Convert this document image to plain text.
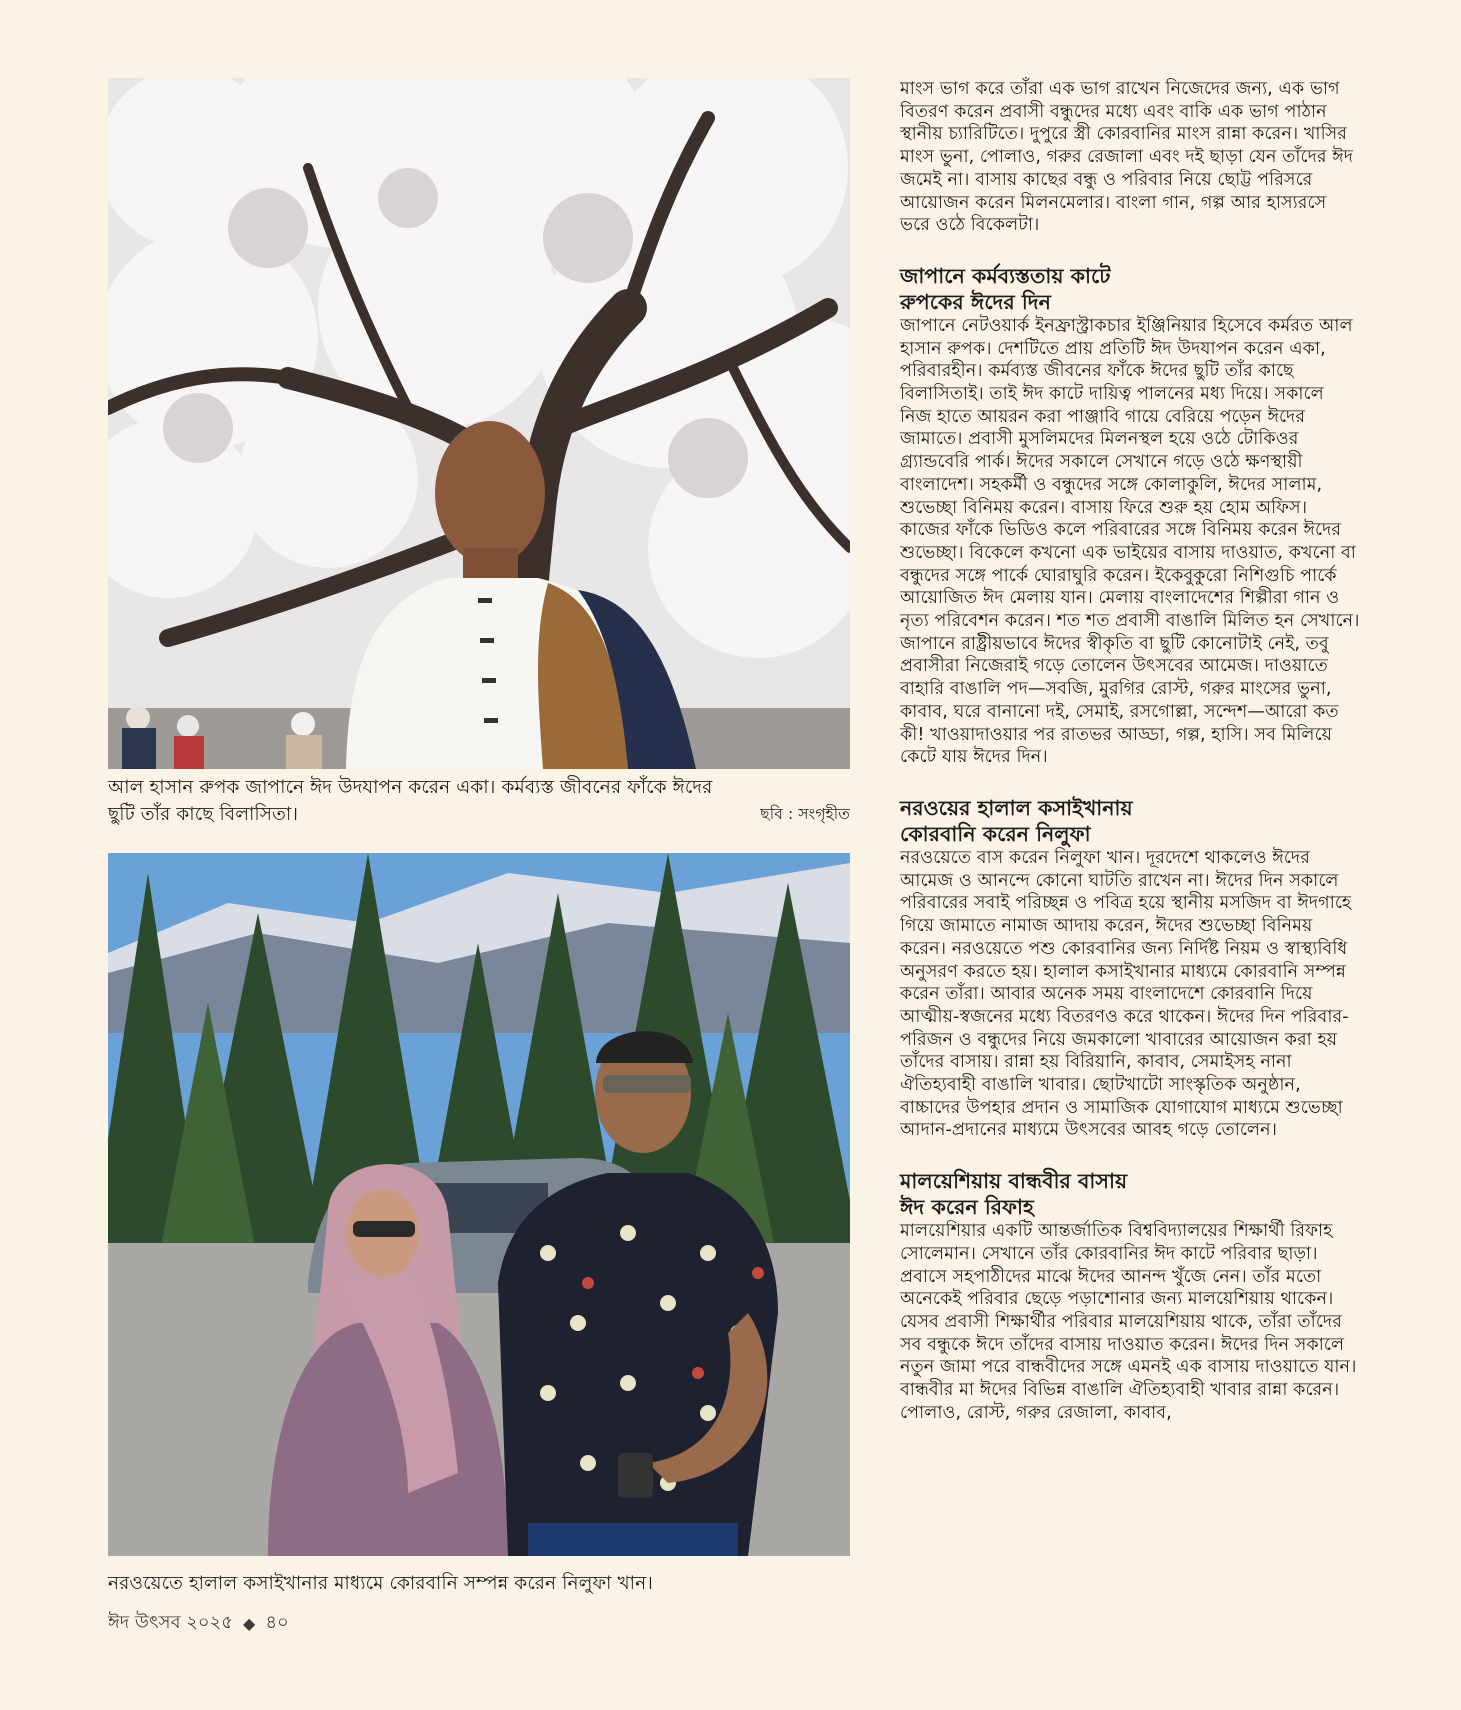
আল হাসান রুপক জাপানে ঈদ উদযাপন করেন একা। কর্মব্যস্ত জীবনের ফাঁকে ঈদের
ছুটি তাঁর কাছে বিলাসিতা।	ছবি : সংগৃহীত
নরওয়েতে হালাল কসাইখানার মাধ্যমে কোরবানি সম্পন্ন করেন নিলুফা খান।
ঈদ উৎসব ২০২৫ ◆ ৪০

মাংস ভাগ করে তাঁরা এক ভাগ রাখেন নিজেদের জন্য, এক ভাগ বিতরণ করেন প্রবাসী বন্ধুদের মধ্যে এবং বাকি এক ভাগ পাঠান স্থানীয় চ্যারিটিতে। দুপুরে স্ত্রী কোরবানির মাংস রান্না করেন। খাসির মাংস ভুনা, পোলাও, গরুর রেজালা এবং দই ছাড়া যেন তাঁদের ঈদ জমেই না। বাসায় কাছের বন্ধু ও পরিবার নিয়ে ছোট্ট পরিসরে আয়োজন করেন মিলনমেলার। বাংলা গান, গল্প আর হাস্যরসে ভরে ওঠে বিকেলটা।

জাপানে কর্মব্যস্ততায় কাটে
রুপকের ঈদের দিন

জাপানে নেটওয়ার্ক ইনফ্রাস্ট্রাকচার ইঞ্জিনিয়ার হিসেবে কর্মরত আল হাসান রুপক। দেশটিতে প্রায় প্রতিটি ঈদ উদযাপন করেন একা, পরিবারহীন। কর্মব্যস্ত জীবনের ফাঁকে ঈদের ছুটি তাঁর কাছে বিলাসিতাই। তাই ঈদ কাটে দায়িত্ব পালনের মধ্য দিয়ে। সকালে নিজ হাতে আয়রন করা পাঞ্জাবি গায়ে বেরিয়ে পড়েন ঈদের জামাতে। প্রবাসী মুসলিমদের মিলনস্থল হয়ে ওঠে টোকিওর গ্র্যান্ডবেরি পার্ক। ঈদের সকালে সেখানে গড়ে ওঠে ক্ষণস্থায়ী বাংলাদেশ। সহকর্মী ও বন্ধুদের সঙ্গে কোলাকুলি, ঈদের সালাম, শুভেচ্ছা বিনিময় করেন। বাসায় ফিরে শুরু হয় হোম অফিস। কাজের ফাঁকে ভিডিও কলে পরিবারের সঙ্গে বিনিময় করেন ঈদের শুভেচ্ছা। বিকেলে কখনো এক ভাইয়ের বাসায় দাওয়াত, কখনো বা বন্ধুদের সঙ্গে পার্কে ঘোরাঘুরি করেন। ইকেবুকুরো নিশিগুচি পার্কে আয়োজিত ঈদ মেলায় যান। মেলায় বাংলাদেশের শিল্পীরা গান ও নৃত্য পরিবেশন করেন। শত শত প্রবাসী বাঙালি মিলিত হন সেখানে। জাপানে রাষ্ট্রীয়ভাবে ঈদের স্বীকৃতি বা ছুটি কোনোটাই নেই, তবু প্রবাসীরা নিজেরাই গড়ে তোলেন উৎসবের আমেজ। দাওয়াতে বাহারি বাঙালি পদ—সবজি, মুরগির রোস্ট, গরুর মাংসের ভুনা, কাবাব, ঘরে বানানো দই, সেমাই, রসগোল্লা, সন্দেশ—আরো কত কী! খাওয়াদাওয়ার পর রাতভর আড্ডা, গল্প, হাসি। সব মিলিয়ে কেটে যায় ঈদের দিন।

নরওয়ের হালাল কসাইখানায়
কোরবানি করেন নিলুফা

নরওয়েতে বাস করেন নিলুফা খান। দূরদেশে থাকলেও ঈদের আমেজ ও আনন্দে কোনো ঘাটতি রাখেন না। ঈদের দিন সকালে পরিবারের সবাই পরিচ্ছন্ন ও পবিত্র হয়ে স্থানীয় মসজিদ বা ঈদগাহে গিয়ে জামাতে নামাজ আদায় করেন, ঈদের শুভেচ্ছা বিনিময় করেন। নরওয়েতে পশু কোরবানির জন্য নির্দিষ্ট নিয়ম ও স্বাস্থ্যবিধি অনুসরণ করতে হয়। হালাল কসাইখানার মাধ্যমে কোরবানি সম্পন্ন করেন তাঁরা। আবার অনেক সময় বাংলাদেশে কোরবানি দিয়ে আত্মীয়-স্বজনের মধ্যে বিতরণও করে থাকেন। ঈদের দিন পরিবার-পরিজন ও বন্ধুদের নিয়ে জমকালো খাবারের আয়োজন করা হয় তাঁদের বাসায়। রান্না হয় বিরিয়ানি, কাবাব, সেমাইসহ নানা ঐতিহ্যবাহী বাঙালি খাবার। ছোটখাটো সাংস্কৃতিক অনুষ্ঠান, বাচ্চাদের উপহার প্রদান ও সামাজিক যোগাযোগ মাধ্যমে শুভেচ্ছা আদান-প্রদানের মাধ্যমে উৎসবের আবহ গড়ে তোলেন।

মালয়েশিয়ায় বান্ধবীর বাসায়
ঈদ করেন রিফাহ

মালয়েশিয়ার একটি আন্তর্জাতিক বিশ্ববিদ্যালয়ের শিক্ষার্থী রিফাহ সোলেমান। সেখানে তাঁর কোরবানির ঈদ কাটে পরিবার ছাড়া। প্রবাসে সহপাঠীদের মাঝে ঈদের আনন্দ খুঁজে নেন। তাঁর মতো অনেকেই পরিবার ছেড়ে পড়াশোনার জন্য মালয়েশিয়ায় থাকেন। যেসব প্রবাসী শিক্ষার্থীর পরিবার মালয়েশিয়ায় থাকে, তাঁরা তাঁদের সব বন্ধুকে ঈদে তাঁদের বাসায় দাওয়াত করেন। ঈদের দিন সকালে নতুন জামা পরে বান্ধবীদের সঙ্গে এমনই এক বাসায় দাওয়াতে যান। বান্ধবীর মা ঈদের বিভিন্ন বাঙালি ঐতিহ্যবাহী খাবার রান্না করেন। পোলাও, রোস্ট, গরুর রেজালা, কাবাব,
